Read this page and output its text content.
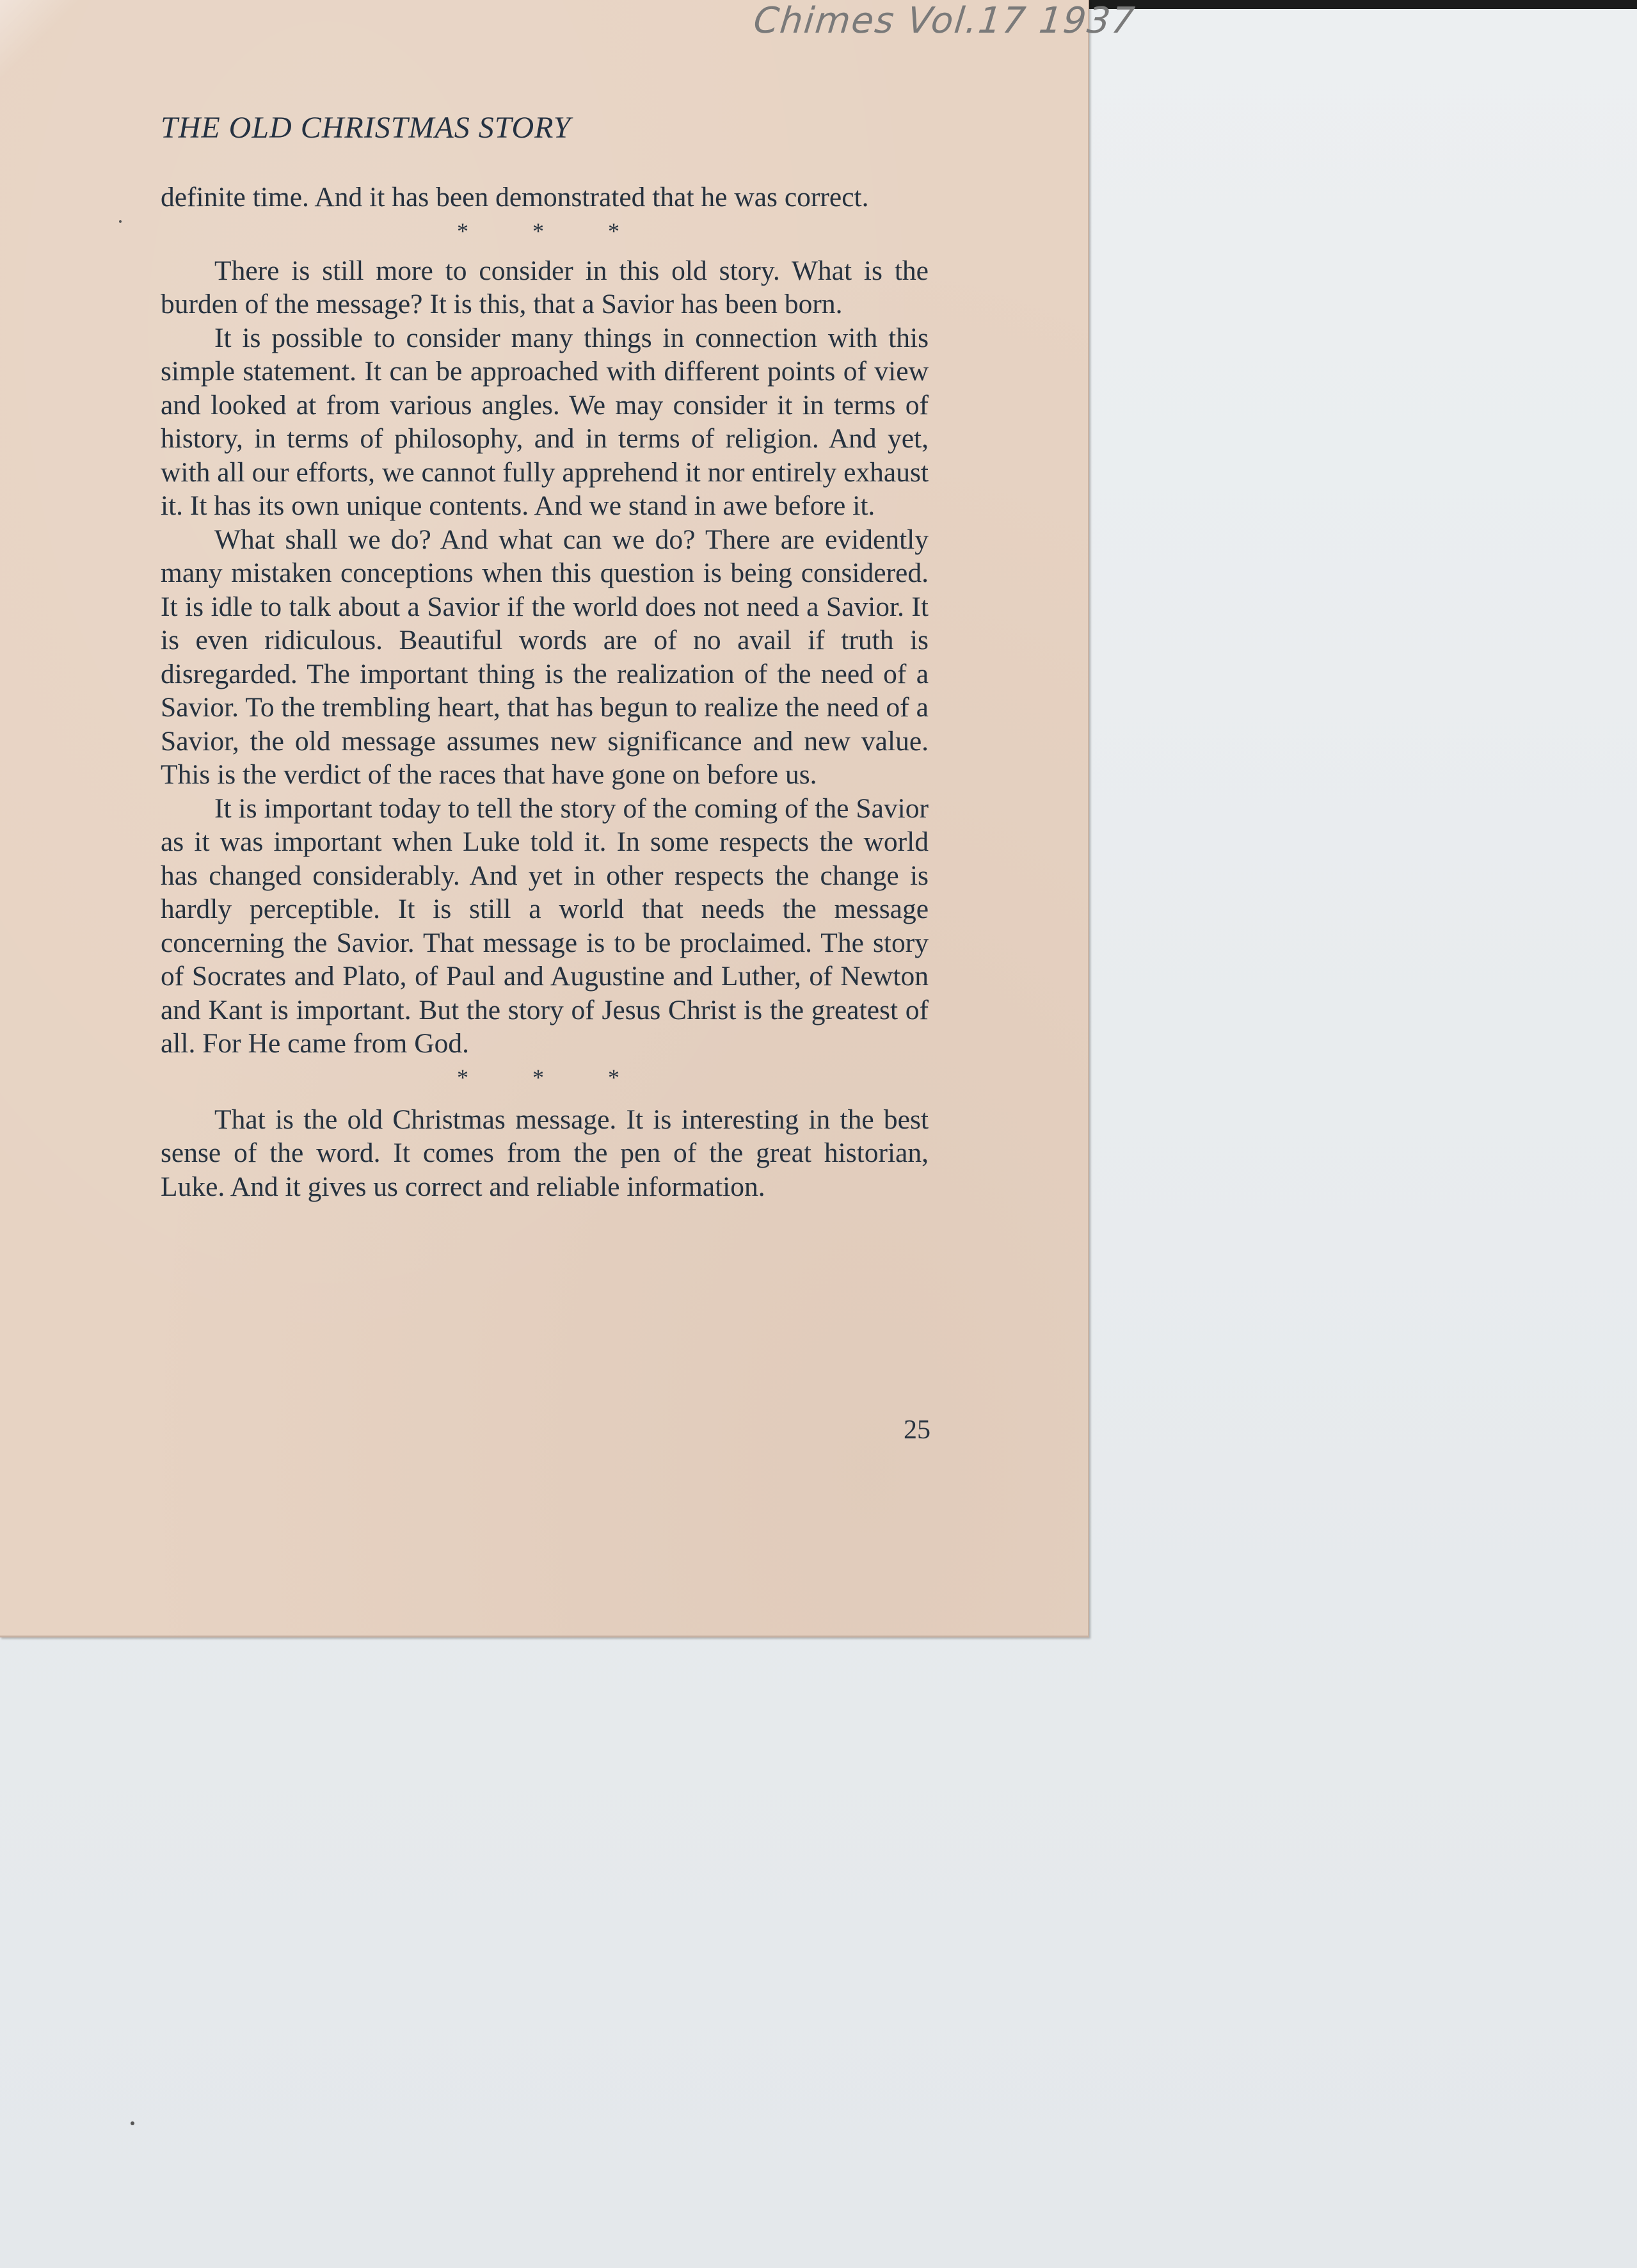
Chimes Vol.17 1937
THE OLD CHRISTMAS STORY

definite time. And it has been demonstrated that he was correct.

*	*	*

There is still more to consider in this old story. What is the burden of the message? It is this, that a Savior has been born.

It is possible to consider many things in connection with this simple statement. It can be approached with different points of view and looked at from various angles. We may consider it in terms of history, in terms of philosophy, and in terms of religion. And yet, with all our efforts, we cannot fully apprehend it nor entirely exhaust it. It has its own unique contents. And we stand in awe before it.

What shall we do? And what can we do? There are evidently many mistaken conceptions when this question is being considered. It is idle to talk about a Savior if the world does not need a Savior. It is even ridiculous. Beautiful words are of no avail if truth is disregarded. The important thing is the realization of the need of a Savior. To the trembling heart, that has begun to realize the need of a Savior, the old message assumes new significance and new value. This is the verdict of the races that have gone on before us.

It is important today to tell the story of the coming of the Savior as it was important when Luke told it. In some respects the world has changed considerably. And yet in other respects the change is hardly perceptible. It is still a world that needs the message concerning the Savior. That message is to be proclaimed. The story of Socrates and Plato, of Paul and Augustine and Luther, of Newton and Kant is important. But the story of Jesus Christ is the greatest of all. For He came from God.

*	*	*

That is the old Christmas message. It is interesting in the best sense of the word. It comes from the pen of the great historian, Luke. And it gives us correct and reliable information.

25
